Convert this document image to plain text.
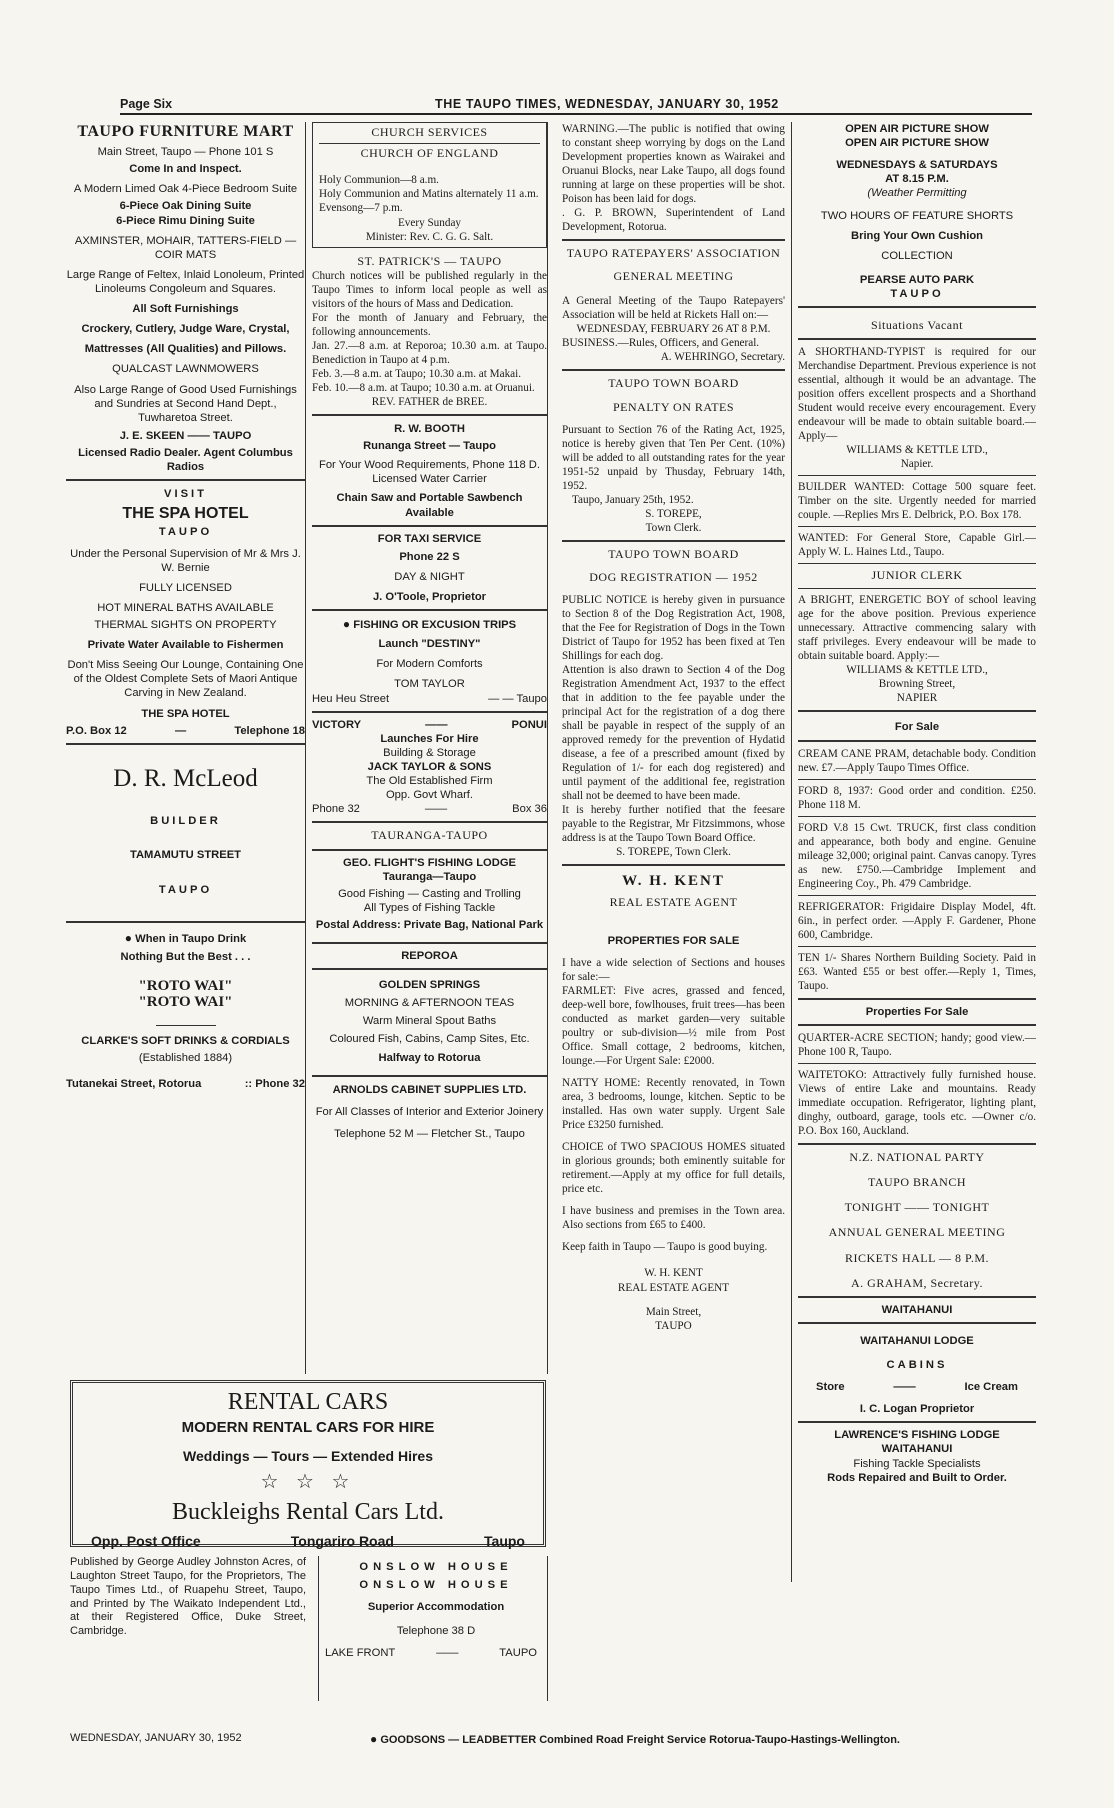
Page Six	THE TAUPO TIMES, WEDNESDAY, JANUARY 30, 1952
TAUPO FURNITURE MART

Main Street, Taupo — Phone 101 S

Come In and Inspect.

A Modern Limed Oak 4-Piece Bedroom Suite

6-Piece Oak Dining Suite

6-Piece Rimu Dining Suite

AXMINSTER, MOHAIR, TATTERS-FIELD — COIR MATS

Large Range of Feltex, Inlaid Lonoleum, Printed Linoleums Congoleum and Squares.

All Soft Furnishings

Crockery, Cutlery, Judge Ware, Crystal,

Mattresses (All Qualities) and Pillows.

QUALCAST LAWNMOWERS

Also Large Range of Good Used Furnishings and Sundries at Second Hand Dept., Tuwharetoa Street.

J. E. SKEEN —— TAUPO

Licensed Radio Dealer. Agent Columbus

Radios

VISIT

THE SPA HOTEL

TAUPO

Under the Personal Supervision of Mr & Mrs J. W. Bernie

FULLY LICENSED

HOT MINERAL BATHS AVAILABLE

THERMAL SIGHTS ON PROPERTY

Private Water Available to Fishermen

Don't Miss Seeing Our Lounge, Containing One of the Oldest Complete Sets of Maori Antique Carving in New Zealand.

THE SPA HOTEL

P.O. Box 12	—	Telephone 18
D. R. McLeod

BUILDER

TAMAMUTU STREET

TAUPO

● When in Taupo Drink

Nothing But the Best . . .

"ROTO WAI"
"ROTO WAI"

CLARKE'S SOFT DRINKS & CORDIALS

(Established 1884)

Tutanekai Street, Rotorua	:: Phone 32
CHURCH SERVICES
CHURCH OF ENGLAND

Holy Communion—8 a.m.

Holy Communion and Matins alternately 11 a.m.

Evensong—7 p.m.

Every Sunday

Minister: Rev. C. G. G. Salt.

ST. PATRICK'S — TAUPO

Church notices will be published regularly in the Taupo Times to inform local people as well as visitors of the hours of Mass and Dedication.

For the month of January and February, the following announcements.

Jan. 27.—8 a.m. at Reporoa; 10.30 a.m. at Taupo. Benediction in Taupo at 4 p.m.

Feb. 3.—8 a.m. at Taupo; 10.30 a.m. at Makai.

Feb. 10.—8 a.m. at Taupo; 10.30 a.m. at Oruanui.

REV. FATHER de BREE.

R. W. BOOTH

Runanga Street — Taupo

For Your Wood Requirements, Phone 118 D. Licensed Water Carrier

Chain Saw and Portable Sawbench Available

FOR TAXI SERVICE

Phone 22 S

DAY & NIGHT

J. O'Toole, Proprietor

● FISHING OR EXCUSION TRIPS

Launch "DESTINY"

For Modern Comforts

TOM TAYLOR

Heu Heu Street	— — Taupo
VICTORY	——	PONUI

Launches For Hire

Building & Storage

JACK TAYLOR & SONS

The Old Established Firm

Opp. Govt Wharf.

Phone 32	——	Box 36
TAURANGA-TAUPO

GEO. FLIGHT'S FISHING LODGE

Tauranga—Taupo

Good Fishing — Casting and Trolling

All Types of Fishing Tackle

Postal Address: Private Bag, National Park

REPOROA

GOLDEN SPRINGS

MORNING & AFTERNOON TEAS

Warm Mineral Spout Baths

Coloured Fish, Cabins, Camp Sites, Etc.

Halfway to Rotorua

ARNOLDS CABINET SUPPLIES LTD.

For All Classes of Interior and Exterior Joinery

Telephone 52 M — Fletcher St., Taupo

WARNING.—The public is notified that owing to constant sheep worrying by dogs on the Land Development properties known as Wairakei and Oruanui Blocks, near Lake Taupo, all dogs found running at large on these properties will be shot. Poison has been laid for dogs.

. G. P. BROWN, Superintendent of Land Development, Rotorua.

TAUPO RATEPAYERS' ASSOCIATION
GENERAL MEETING

A General Meeting of the Taupo Ratepayers' Association will be held at Rickets Hall on:—

WEDNESDAY, FEBRUARY 26 AT 8 P.M.

BUSINESS.—Rules, Officers, and General.

A. WEHRINGO, Secretary.

TAUPO TOWN BOARD
PENALTY ON RATES

Pursuant to Section 76 of the Rating Act, 1925, notice is hereby given that Ten Per Cent. (10%) will be added to all outstanding rates for the year 1951-52 unpaid by Thusday, February 14th, 1952.

Taupo, January 25th, 1952.

S. TOREPE,

Town Clerk.

TAUPO TOWN BOARD
DOG REGISTRATION — 1952

PUBLIC NOTICE is hereby given in pursuance to Section 8 of the Dog Registration Act, 1908, that the Fee for Registration of Dogs in the Town District of Taupo for 1952 has been fixed at Ten Shillings for each dog.

Attention is also drawn to Section 4 of the Dog Registration Amendment Act, 1937 to the effect that in addition to the fee payable under the principal Act for the registration of a dog there shall be payable in respect of the supply of an approved remedy for the prevention of Hydatid disease, a fee of a prescribed amount (fixed by Regulation of 1/- for each dog registered) and until payment of the additional fee, registration shall not be deemed to have been made.

It is hereby further notified that the feesare payable to the Registrar, Mr Fitzsimmons, whose address is at the Taupo Town Board Office.

S. TOREPE, Town Clerk.

W. H. KENT
REAL ESTATE AGENT

PROPERTIES FOR SALE

I have a wide selection of Sections and houses for sale:—

FARMLET: Five acres, grassed and fenced, deep-well bore, fowlhouses, fruit trees—has been conducted as market garden—very suitable poultry or sub-division—½ mile from Post Office. Small cottage, 2 bedrooms, kitchen, lounge.—For Urgent Sale: £2000.

NATTY HOME: Recently renovated, in Town area, 3 bedrooms, lounge, kitchen. Septic to be installed. Has own water supply. Urgent Sale Price £3250 furnished.

CHOICE of TWO SPACIOUS HOMES situated in glorious grounds; both eminently suitable for retirement.—Apply at my office for full details, price etc.

I have business and premises in the Town area. Also sections from £65 to £400.

Keep faith in Taupo — Taupo is good buying.

W. H. KENT

REAL ESTATE AGENT

Main Street,

TAUPO

OPEN AIR PICTURE SHOW

OPEN AIR PICTURE SHOW

WEDNESDAYS & SATURDAYS

AT 8.15 P.M.

(Weather Permitting

TWO HOURS OF FEATURE SHORTS

Bring Your Own Cushion

COLLECTION

PEARSE AUTO PARK

TAUPO

Situations Vacant

A SHORTHAND-TYPIST is required for our Merchandise Department. Previous experience is not essential, although it would be an advantage. The position offers excellent prospects and a Shorthand Student would receive every encouragement. Every endeavour will be made to obtain suitable board.—Apply—

WILLIAMS & KETTLE LTD.,

Napier.

BUILDER WANTED: Cottage 500 square feet. Timber on the site. Urgently needed for married couple. —Replies Mrs E. Delbrick, P.O. Box 178.

WANTED: For General Store, Capable Girl.—Apply W. L. Haines Ltd., Taupo.

JUNIOR CLERK

A BRIGHT, ENERGETIC BOY of school leaving age for the above position. Previous experience unnecessary. Attractive commencing salary with staff privileges. Every endeavour will be made to obtain suitable board. Apply:—

WILLIAMS & KETTLE LTD.,

Browning Street,

NAPIER

For Sale

CREAM CANE PRAM, detachable body. Condition new. £7.—Apply Taupo Times Office.

FORD 8, 1937: Good order and condition. £250. Phone 118 M.

FORD V.8 15 Cwt. TRUCK, first class condition and appearance, both body and engine. Genuine mileage 32,000; original paint. Canvas canopy. Tyres as new. £750.—Cambridge Implement and Engineering Coy., Ph. 479 Cambridge.

REFRIGERATOR: Frigidaire Display Model, 4ft. 6in., in perfect order. —Apply F. Gardener, Phone 600, Cambridge.

TEN 1/- Shares Northern Building Society. Paid in £63. Wanted £55 or best offer.—Reply 1, Times, Taupo.

Properties For Sale

QUARTER-ACRE SECTION; handy; good view.—Phone 100 R, Taupo.

WAITETOKO: Attractively fully furnished house. Views of entire Lake and mountains. Ready immediate occupation. Refrigerator, lighting plant, dinghy, outboard, garage, tools etc. —Owner c/o. P.O. Box 160, Auckland.

N.Z. NATIONAL PARTY
TAUPO BRANCH
TONIGHT —— TONIGHT
ANNUAL GENERAL MEETING
RICKETS HALL — 8 P.M.
A. GRAHAM, Secretary.

WAITAHANUI

WAITAHANUI LODGE

CABINS

Store	——	Ice Cream

I. C. Logan Proprietor

LAWRENCE'S FISHING LODGE

WAITAHANUI

Fishing Tackle Specialists

Rods Repaired and Built to Order.

RENTAL CARS
MODERN RENTAL CARS FOR HIRE
Weddings — Tours — Extended Hires
☆ ☆ ☆
Buckleighs Rental Cars Ltd.
Opp. Post Office	Tongariro Road	Taupo
Published by George Audley Johnston Acres, of Laughton Street Taupo, for the Proprietors, The Taupo Times Ltd., of Ruapehu Street, Taupo, and Printed by The Waikato Independent Ltd., at their Registered Office, Duke Street, Cambridge.

ONSLOW HOUSE

ONSLOW HOUSE

Superior Accommodation

Telephone 38 D

LAKE FRONT	——	TAUPO
WEDNESDAY, JANUARY 30, 1952	● GOODSONS — LEADBETTER Combined Road Freight Service Rotorua-Taupo-Hastings-Wellington.
